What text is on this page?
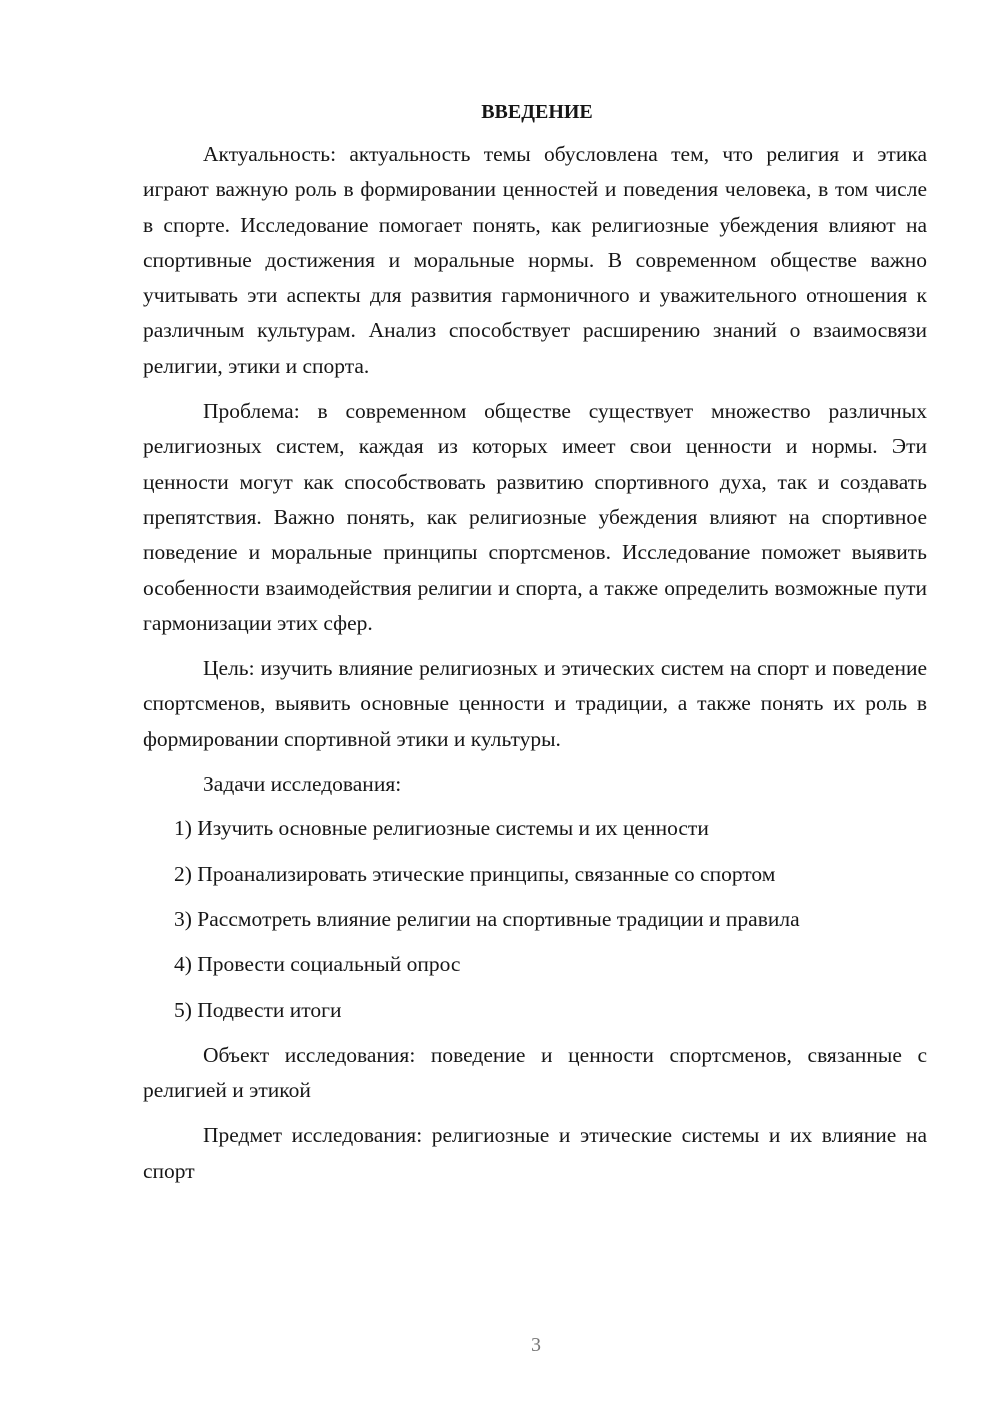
ВВЕДЕНИЕ

Актуальность: актуальность темы обусловлена тем, что религия и этика играют важную роль в формировании ценностей и поведения человека, в том числе в спорте. Исследование помогает понять, как религиозные убеждения влияют на спортивные достижения и моральные нормы. В современном обществе важно учитывать эти аспекты для развития гармоничного и уважительного отношения к различным культурам. Анализ способствует расширению знаний о взаимосвязи религии, этики и спорта.

Проблема: в современном обществе существует множество различных религиозных систем, каждая из которых имеет свои ценности и нормы. Эти ценности могут как способствовать развитию спортивного духа, так и создавать препятствия. Важно понять, как религиозные убеждения влияют на спортивное поведение и моральные принципы спортсменов. Исследование поможет выявить особенности взаимодействия религии и спорта, а также определить возможные пути гармонизации этих сфер.

Цель: изучить влияние религиозных и этических систем на спорт и поведение спортсменов, выявить основные ценности и традиции, а также понять их роль в формировании спортивной этики и культуры.

Задачи исследования:
1) Изучить основные религиозные системы и их ценности
2) Проанализировать этические принципы, связанные со спортом
3) Рассмотреть влияние религии на спортивные традиции и правила
4) Провести социальный опрос
5) Подвести итоги

Объект исследования: поведение и ценности спортсменов, связанные с религией и этикой

Предмет исследования: религиозные и этические системы и их влияние на спорт

3
